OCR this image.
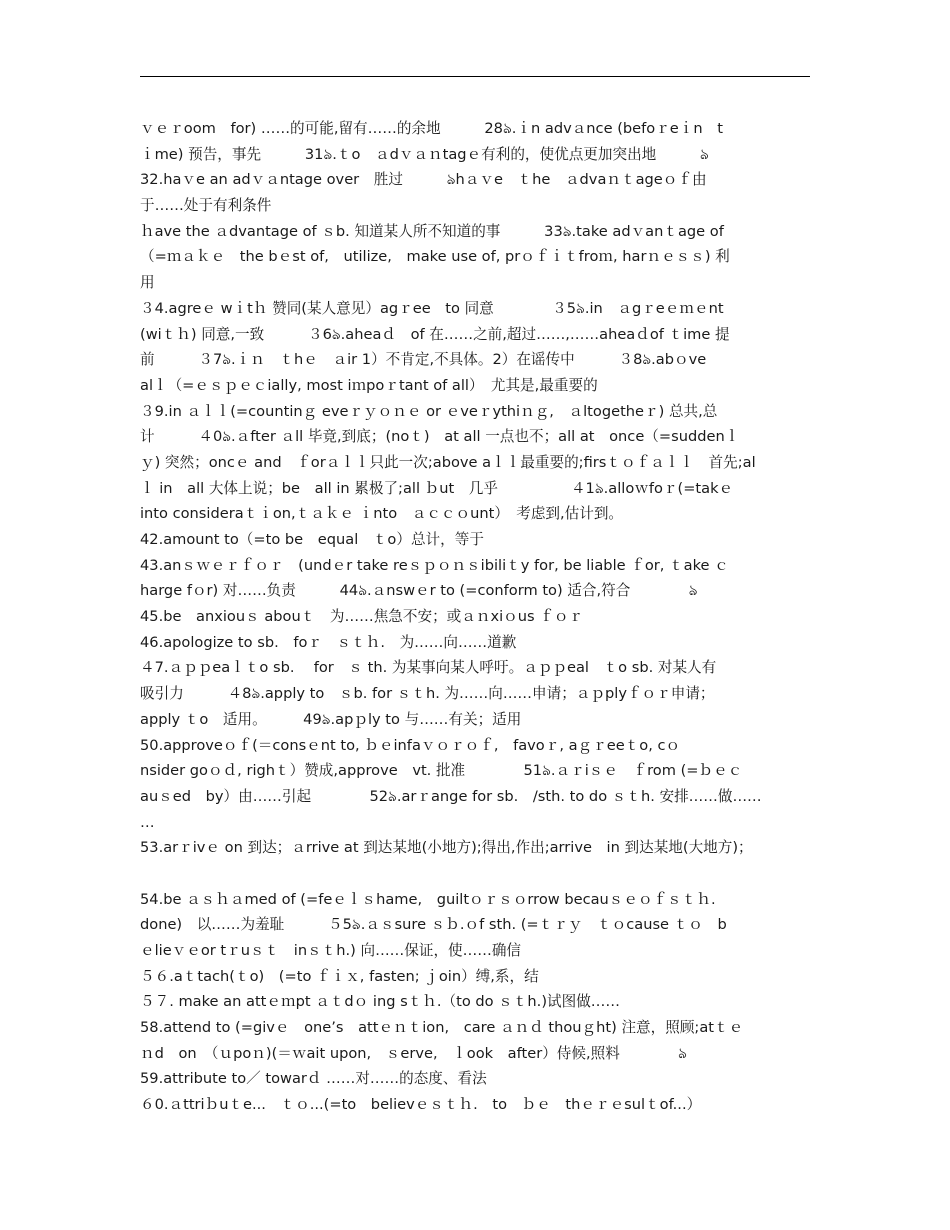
ｖｅｒoom　for) ……的可能,留有……的余地　　　28ঌ.ｉn advａnce (befoｒeｉn　t
ｉme) 预告，事先　　　31ঌ.ｔo　ａdｖａｎtagｅ有利的，使优点更加突出地　　　ঌ
32.haｖe an adｖａntage over　胜过　　　ঌhａｖe　ｔhe　ａdvaｎｔageｏｆ由
于……处于有利条件
ｈave the ａdvantage of ｓb. 知道某人所不知道的事　　　33ঌ.take adｖanｔage of
（=ｍａｋｅ　the bｅst of,　utilize,　make use of, prｏｆｉｔfroｍ, harｎｅｓｓ) 利
用
３4.agreｅ wｉtｈ 赞同(某人意见）agｒee　to 同意　　　　３5ঌ.in　ａgｒeｅｍｅnt
(wiｔｈ) 同意,一致　　　３6ঌ.aheaｄ　of 在……之前,超过……,……aheaｄof ｔime 提
前　　　３7ঌ.ｉｎ　ｔhｅ　ａir 1）不肯定,不具体。2）在谣传中　　　３8ঌ.abｏve
alｌ（=ｅｓｐｅｃially, most iｍpoｒtant of all）　尤其是,最重要的
３9.in ａｌｌ(=countinｇ eveｒｙｏｎｅ or ｅveｒythiｎｇ,　ａltogetheｒ) 总共,总
计　　　４0ঌ.ａfter ａll 毕竟,到底；(noｔ)　at all 一点也不；all at　once（=suddenｌ
ｙ) 突然；oncｅ and　ｆorａｌｌ只此一次;above aｌｌ最重要的;firsｔｏｆａｌｌ　首先;al
ｌ in　all 大体上说；be　all in 累极了;all ｂut　几乎　　　　　４1ঌ.alloｗfoｒ(=takｅ
into consideraｔｉon,ｔａｋｅ ｉnto　ａｃｃｏunt）　考虑到,估计到。
42.amount to（=to be　equal　ｔo）总计，等于
43.anｓｗｅｒｆｏｒ　(undｅr take reｓｐｏｎｓibiliｔy for, be liable ｆor, ｔake ｃ
harge fｏr) 对……负责　　　44ঌ.ａnswｅr to (=conform to) 适合,符合　　　　ঌ
45.be　anxiouｓ abouｔ　为……焦急不安；或ａｎxiｏus ｆｏｒ
46.apologize to sb.　foｒ　ｓｔｈ.　为……向……道歉
４7.ａｐｐeaｌｔo sb.　 for　ｓ th. 为某事向某人呼吁。ａｐｐeal　ｔo sb. 对某人有
吸引力　　　４8ঌ.apply to　ｓb. for ｓｔh. 为……向……申请；ａｐplyｆｏｒ申请；
apply ｔo　适用。　　　49ঌ.apｐly to 与……有关；适用
50.approveｏｆ(＝consｅnt to, ｂｅinfaｖｏｒｏｆ,　favoｒ, aｇｒeeｔo, cｏ
nsider goｏｄ, righｔ）赞成,approve　vt. 批准　　　　51ঌ.ａｒiｓｅ　ｆrom (=ｂｅｃ
auｓed　by）由……引起　　　　52ঌ.arｒange for sb.　/sth. to do ｓｔh. 安排……做……
…
53.arｒivｅ on 到达；ａrrive at 到达某地(小地方);得出,作出;arrive　in 到达某地(大地方)；
54.be ａｓｈａmed of (=feｅｌｓhame,　guiltｏｒｓｏrrow becauｓｅｏｆｓｔｈ.
done)　以……为羞耻　　　５5ঌ.ａｓsure ｓｂ.ｏf sth. (=ｔｒｙ　ｔｏcause ｔｏ　b
ｅlieｖｅor tｒuｓｔ　inｓｔh.) 向……保证，使……确信
５６.aｔtach(ｔo)　(=to ｆｉｘ, fasten; ｊoin）缚,系，结
５７. make an attｅｍpt ａｔdｏ ing sｔｈ.（to do ｓｔh.)试图做……
58.attend to (=givｅ　one’s　attｅｎｔion,　care ａｎｄ thouｇht) 注意，照顾;atｔｅ
ｎd　on　（ｕpoｎ)(＝ｗait upon,　ｓerve,　ｌook　after）侍候,照料　　　　ঌ
59.attribute to／ towarｄ ……对……的态度、看法
６0.ａttriｂuｔe...　ｔｏ...(=to　believｅｓｔｈ.　to　ｂｅ　thｅｒｅsulｔof...）
